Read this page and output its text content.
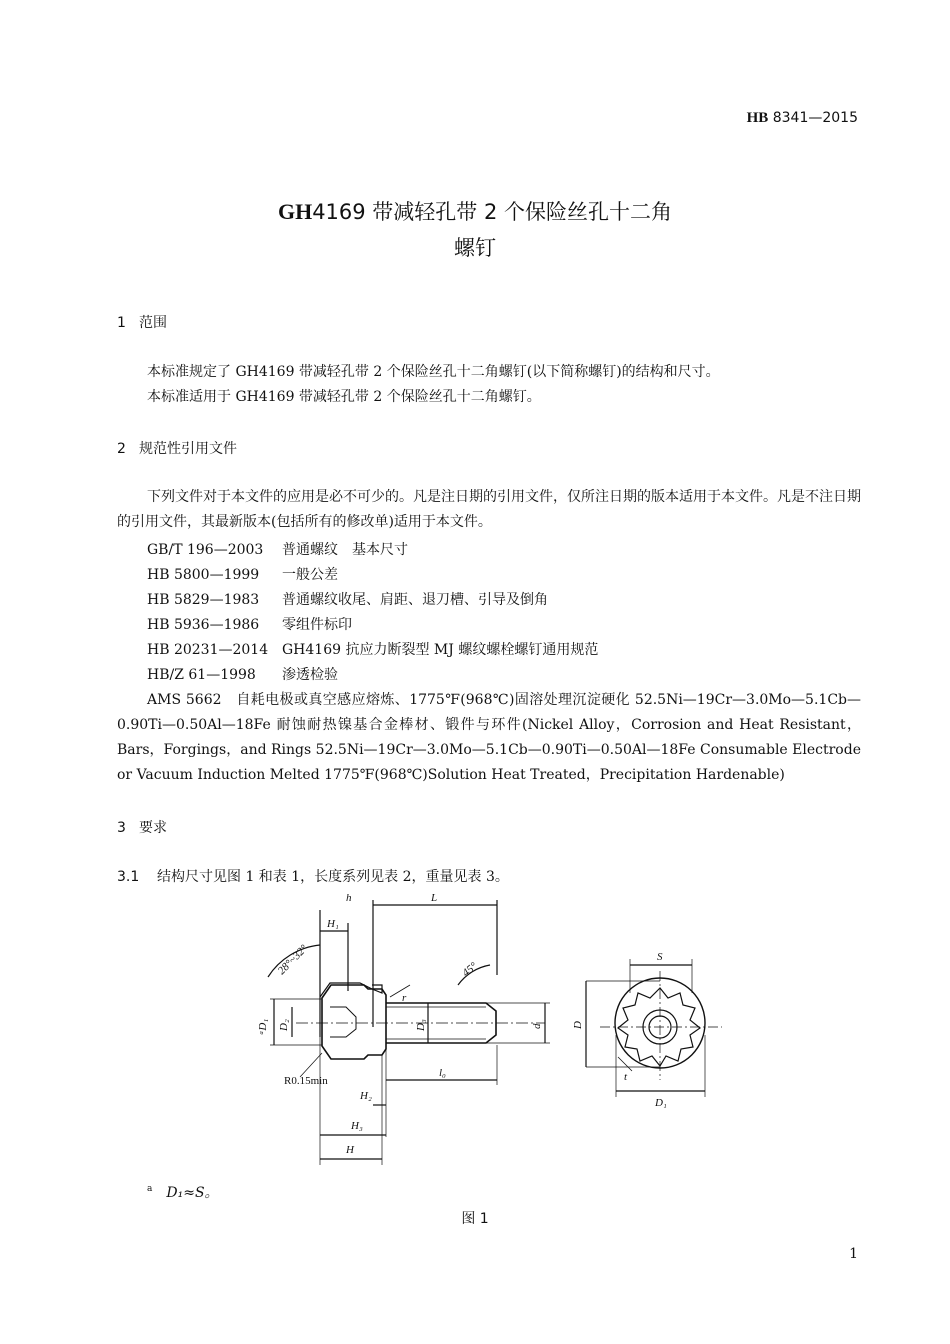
HB 8341—2015
GH4169 带减轻孔带 2 个保险丝孔十二角
螺钉
1 范围
本标准规定了 GH4169 带减轻孔带 2 个保险丝孔十二角螺钉(以下简称螺钉)的结构和尺寸。
本标准适用于 GH4169 带减轻孔带 2 个保险丝孔十二角螺钉。
2 规范性引用文件
下列文件对于本文件的应用是必不可少的。凡是注日期的引用文件，仅所注日期的版本适用于本文件。凡是不注日期的引用文件，其最新版本(包括所有的修改单)适用于本文件。
GB/T 196—2003 普通螺纹　基本尺寸
HB 5800—1999 一般公差
HB 5829—1983 普通螺纹收尾、肩距、退刀槽、引导及倒角
HB 5936—1986 零组件标印
HB 20231—2014 GH4169 抗应力断裂型 MJ 螺纹螺栓螺钉通用规范
HB/Z 61—1998 渗透检验
AMS 5662　自耗电极或真空感应熔炼、1775℉(968℃)固溶处理沉淀硬化 52.5Ni—19Cr—3.0Mo—5.1Cb—0.90Ti—0.50Al—18Fe 耐蚀耐热镍基合金棒材、锻件与环件(Nickel Alloy，Corrosion and Heat Resistant，Bars，Forgings，and Rings 52.5Ni—19Cr—3.0Mo—5.1Cb—0.90Ti—0.50Al—18Fe Consumable Electrode or Vacuum Induction Melted 1775℉(968℃)Solution Heat Treated，Precipitation Hardenable)
3 要求
3.1 结构尺寸见图 1 和表 1，长度系列见表 2，重量见表 3。
h	L
H₁
28°~32°
r
45°
ᵃD₁ D₂	D₃	d
R0.15min
H₂
l₀
H₃
H
S
D
t
D₁
$^a$ D₁≈S。
图 1
1
